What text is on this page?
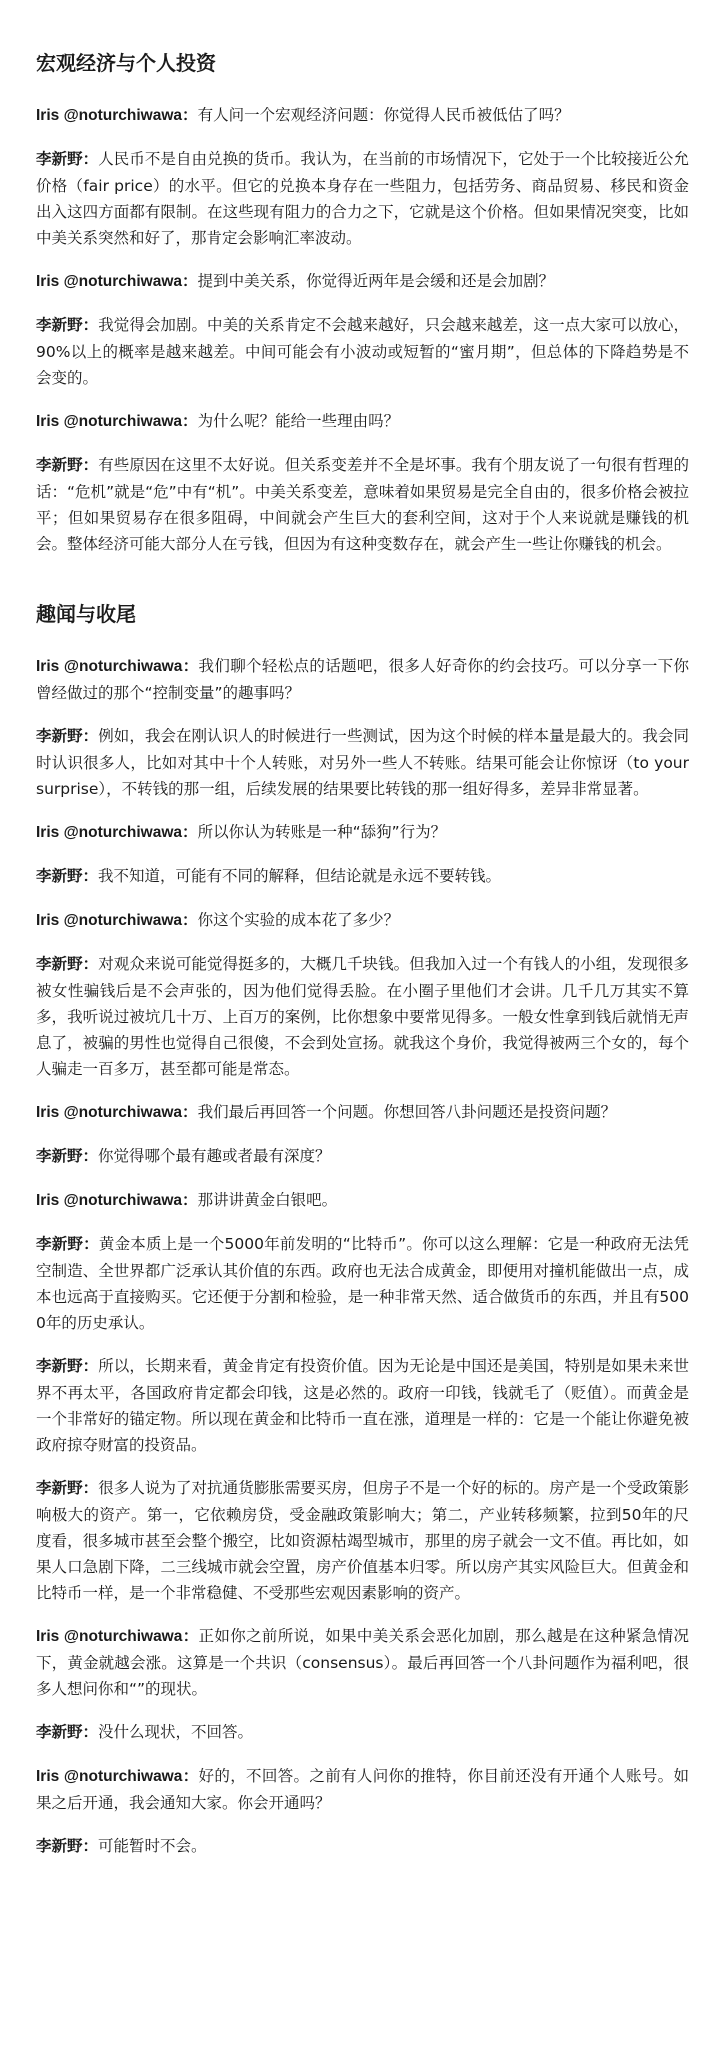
宏观经济与个人投资

Iris @noturchiwawa：有人问一个宏观经济问题：你觉得人民币被低估了吗？

李新野：人民币不是自由兑换的货币。我认为，在当前的市场情况下，它处于一个比较接近公允价格（fair price）的水平。但它的兑换本身存在一些阻力，包括劳务、商品贸易、移民和资金出入这四方面都有限制。在这些现有阻力的合力之下，它就是这个价格。但如果情况突变，比如中美关系突然和好了，那肯定会影响汇率波动。

Iris @noturchiwawa：提到中美关系，你觉得近两年是会缓和还是会加剧？

李新野：我觉得会加剧。中美的关系肯定不会越来越好，只会越来越差，这一点大家可以放心，90%以上的概率是越来越差。中间可能会有小波动或短暂的“蜜月期”，但总体的下降趋势是不会变的。

Iris @noturchiwawa：为什么呢？能给一些理由吗？

李新野：有些原因在这里不太好说。但关系变差并不全是坏事。我有个朋友说了一句很有哲理的话：“危机”就是“危”中有“机”。中美关系变差，意味着如果贸易是完全自由的，很多价格会被拉平；但如果贸易存在很多阻碍，中间就会产生巨大的套利空间，这对于个人来说就是赚钱的机会。整体经济可能大部分人在亏钱，但因为有这种变数存在，就会产生一些让你赚钱的机会。

趣闻与收尾

Iris @noturchiwawa：我们聊个轻松点的话题吧，很多人好奇你的约会技巧。可以分享一下你曾经做过的那个“控制变量”的趣事吗？

李新野：例如，我会在刚认识人的时候进行一些测试，因为这个时候的样本量是最大的。我会同时认识很多人，比如对其中十个人转账，对另外一些人不转账。结果可能会让你惊讶（to your surprise），不转钱的那一组，后续发展的结果要比转钱的那一组好得多，差异非常显著。

Iris @noturchiwawa：所以你认为转账是一种“舔狗”行为？

李新野：我不知道，可能有不同的解释，但结论就是永远不要转钱。

Iris @noturchiwawa：你这个实验的成本花了多少？

李新野：对观众来说可能觉得挺多的，大概几千块钱。但我加入过一个有钱人的小组，发现很多被女性骗钱后是不会声张的，因为他们觉得丢脸。在小圈子里他们才会讲。几千几万其实不算多，我听说过被坑几十万、上百万的案例，比你想象中要常见得多。一般女性拿到钱后就悄无声息了，被骗的男性也觉得自己很傻，不会到处宣扬。就我这个身价，我觉得被两三个女的，每个人骗走一百多万，甚至都可能是常态。

Iris @noturchiwawa：我们最后再回答一个问题。你想回答八卦问题还是投资问题？

李新野：你觉得哪个最有趣或者最有深度？

Iris @noturchiwawa：那讲讲黄金白银吧。

李新野：黄金本质上是一个5000年前发明的“比特币”。你可以这么理解：它是一种政府无法凭空制造、全世界都广泛承认其价值的东西。政府也无法合成黄金，即便用对撞机能做出一点，成本也远高于直接购买。它还便于分割和检验，是一种非常天然、适合做货币的东西，并且有5000年的历史承认。

李新野：所以，长期来看，黄金肯定有投资价值。因为无论是中国还是美国，特别是如果未来世界不再太平，各国政府肯定都会印钱，这是必然的。政府一印钱，钱就毛了（贬值）。而黄金是一个非常好的锚定物。所以现在黄金和比特币一直在涨，道理是一样的：它是一个能让你避免被政府掠夺财富的投资品。

李新野：很多人说为了对抗通货膨胀需要买房，但房子不是一个好的标的。房产是一个受政策影响极大的资产。第一，它依赖房贷，受金融政策影响大；第二，产业转移频繁，拉到50年的尺度看，很多城市甚至会整个搬空，比如资源枯竭型城市，那里的房子就会一文不值。再比如，如果人口急剧下降，二三线城市就会空置，房产价值基本归零。所以房产其实风险巨大。但黄金和比特币一样，是一个非常稳健、不受那些宏观因素影响的资产。

Iris @noturchiwawa：正如你之前所说，如果中美关系会恶化加剧，那么越是在这种紧急情况下，黄金就越会涨。这算是一个共识（consensus）。最后再回答一个八卦问题作为福利吧，很多人想问你和“”的现状。

李新野：没什么现状，不回答。

Iris @noturchiwawa：好的，不回答。之前有人问你的推特，你目前还没有开通个人账号。如果之后开通，我会通知大家。你会开通吗？

李新野：可能暂时不会。
